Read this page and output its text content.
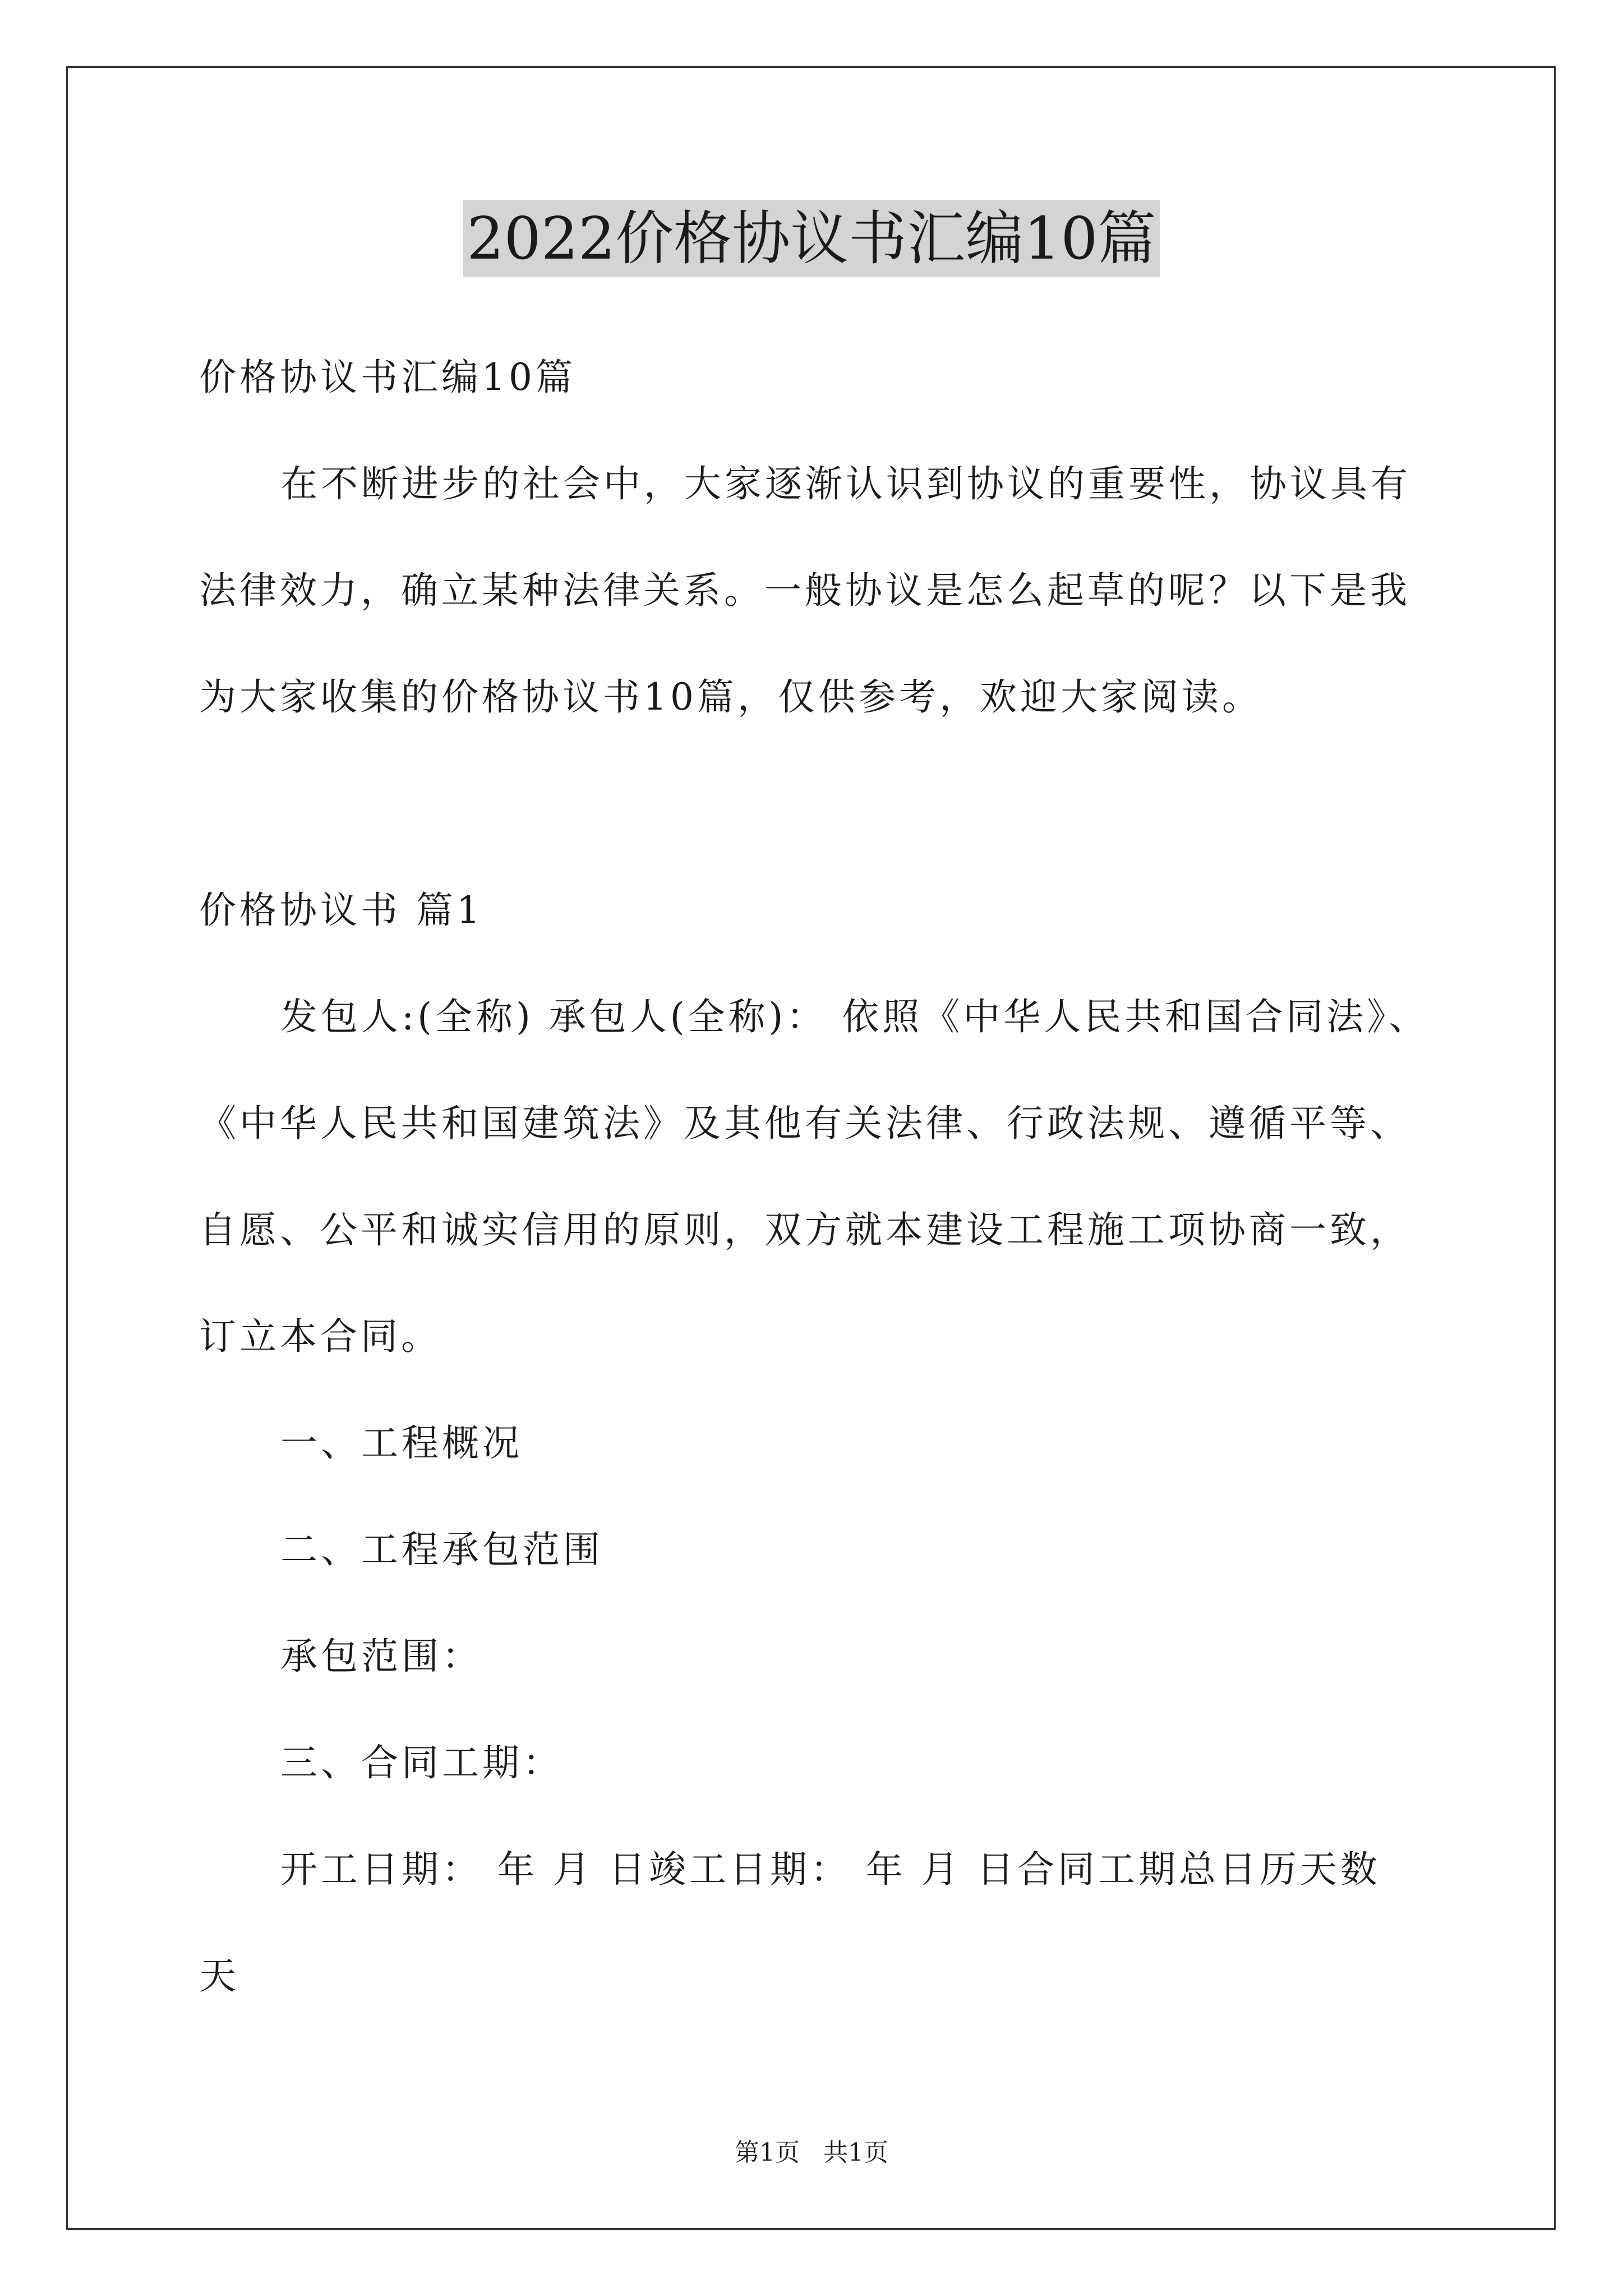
2022价格协议书汇编10篇
价格协议书汇编10篇
在不断进步的社会中，大家逐渐认识到协议的重要性，协议具有
法律效力，确立某种法律关系。一般协议是怎么起草的呢？以下是我
为大家收集的价格协议书10篇，仅供参考，欢迎大家阅读。
价格协议书 篇1
发包人:(全称) 承包人(全称)： 依照《中华人民共和国合同法》、
《中华人民共和国建筑法》及其他有关法律、行政法规、遵循平等、
自愿、公平和诚实信用的原则，双方就本建设工程施工项协商一致，
订立本合同。
一、工程概况
二、工程承包范围
承包范围：
三、合同工期：
开工日期： 年 月 日竣工日期： 年 月 日合同工期总日历天数
天
第1页 共1页
